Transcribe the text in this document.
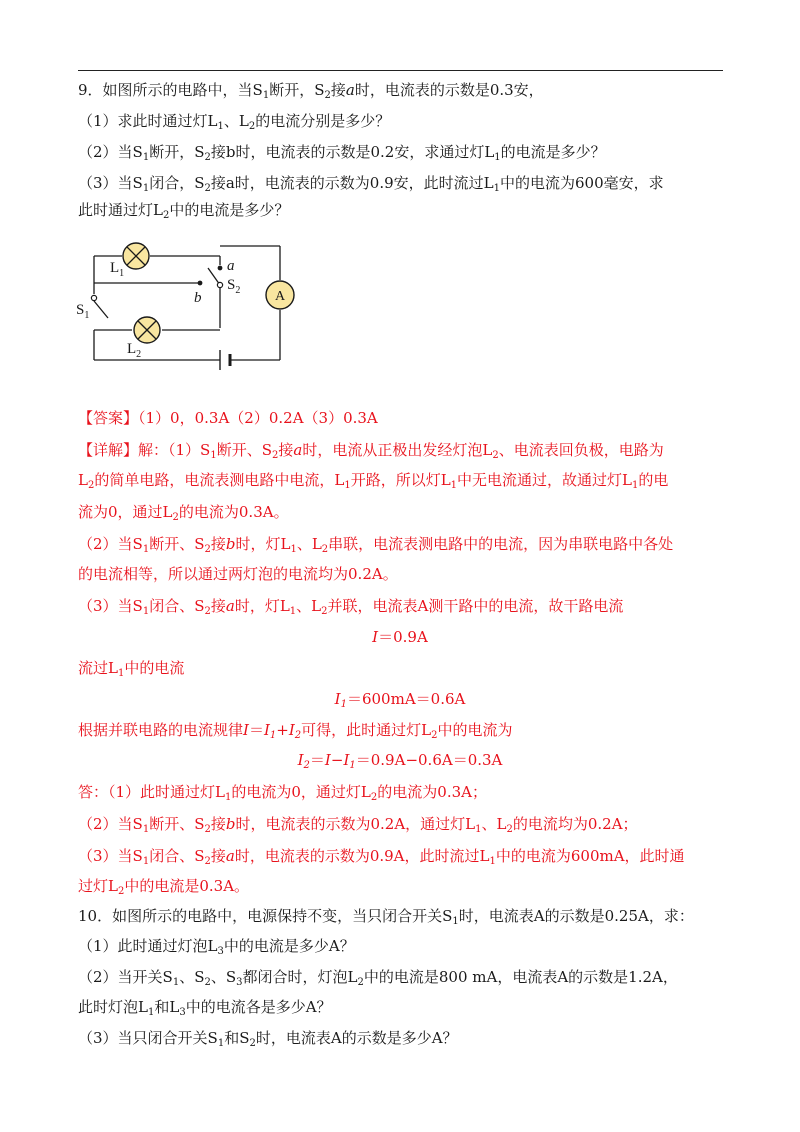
9．如图所示的电路中，当$S_1$断开，$S_2$接a时，电流表的示数是0.3安，
（1）求此时通过灯$L_1$、$L_2$的电流分别是多少？
（2）当$S_1$断开，$S_2$接b时，电流表的示数是0.2安，求通过灯$L_1$的电流是多少？
（3）当$S_1$闭合，$S_2$接a时，电流表的示数为0.9安，此时流过$L_1$中的电流为600毫安，求
此时通过灯$L_2$中的电流是多少？
A
$L_1$
$L_2$
$S_1$
$S_2$
a
b
【答案】（1）0，0.3A（2）0.2A（3）0.3A
【详解】解：$(1)S_1$断开、$S_2$接a时，电流从正极出发经灯泡$L_2$、电流表回负极，电路为
$L_2$的简单电路，电流表测电路中电流，$L_1$开路，所以灯$L_1$中无电流通过，故通过灯$L_1$的电
流为0，通过$L_2$的电流为0.3A。
（2）当$S_1$断开、$S_2$接b时，灯$L_1$、$L_2$串联，电流表测电路中的电流，因为串联电路中各处
的电流相等，所以通过两灯泡的电流均为0.2A。
（3）当$S_1$闭合、$S_2$接a时，灯$L_1$、$L_2$并联，电流表A测干路中的电流，故干路电流
I＝0.9A
流过$L_1$中的电流
$I_1=600mA=0.6A$
根据并联电路的电流规律$I=I_1+I_2$可得，此时通过灯$L_2$中的电流为
$I_2=I-I_1=0.9A-0.6A=0.3A$
答：（1）此时通过灯$L_1$的电流为0，通过灯$L_2$的电流为0.3A；
（2）当$S_1$断开、$S_2$接b时，电流表的示数为0.2A，通过灯$L_1$、$L_2$的电流均为0.2A；
（3）当$S_1$闭合、$S_2$接a时，电流表的示数为0.9A，此时流过$L_1$中的电流为600mA，此时通
过灯$L_2$中的电流是0.3A。
10．如图所示的电路中，电源保持不变，当只闭合开关$S_1$时，电流表A的示数是0.25A，求：
（1）此时通过灯泡$L_3$中的电流是多少A？
（2）当开关$S_1$、$S_2$、$S_3$都闭合时，灯泡$L_2$中的电流是800 mA，电流表A的示数是1.2A，
此时灯泡$L_1$和$L_3$中的电流各是多少A？
（3）当只闭合开关$S_1$和$S_2$时，电流表A的示数是多少A？
